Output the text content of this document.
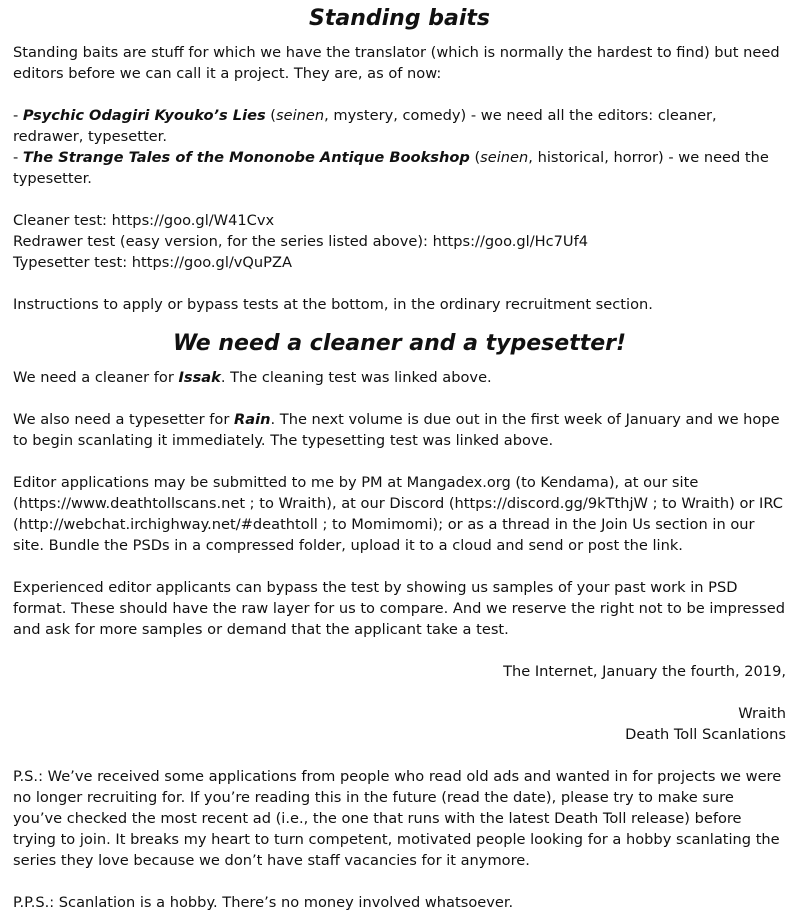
Standing baits

Standing baits are stuff for which we have the translator (which is normally the hardest to find) but need editors before we can call it a project. They are, as of now:

- Psychic Odagiri Kyouko’s Lies (seinen, mystery, comedy) - we need all the editors: cleaner, redrawer, typesetter.

- The Strange Tales of the Mononobe Antique Bookshop (seinen, historical, horror) - we need the typesetter.

Cleaner test: https://goo.gl/W41Cvx

Redrawer test (easy version, for the series listed above): https://goo.gl/Hc7Uf4

Typesetter test: https://goo.gl/vQuPZA

Instructions to apply or bypass tests at the bottom, in the ordinary recruitment section.

We need a cleaner and a typesetter!

We need a cleaner for Issak. The cleaning test was linked above.

We also need a typesetter for Rain. The next volume is due out in the first week of January and we hope to begin scanlating it immediately. The typesetting test was linked above.

Editor applications may be submitted to me by PM at Mangadex.org (to Kendama), at our site (https://www.deathtollscans.net ; to Wraith), at our Discord (https://discord.gg/9kTthjW ; to Wraith) or IRC (http://webchat.irchighway.net/#deathtoll ; to Momimomi); or as a thread in the Join Us section in our site. Bundle the PSDs in a compressed folder, upload it to a cloud and send or post the link.

Experienced editor applicants can bypass the test by showing us samples of your past work in PSD format. These should have the raw layer for us to compare. And we reserve the right not to be impressed and ask for more samples or demand that the applicant take a test.

The Internet, January the fourth, 2019,

Wraith

Death Toll Scanlations

P.S.: We’ve received some applications from people who read old ads and wanted in for projects we were no longer recruiting for. If you’re reading this in the future (read the date), please try to make sure you’ve checked the most recent ad (i.e., the one that runs with the latest Death Toll release) before trying to join. It breaks my heart to turn competent, motivated people looking for a hobby scanlating the series they love because we don’t have staff vacancies for it anymore.

P.P.S.: Scanlation is a hobby. There’s no money involved whatsoever.
